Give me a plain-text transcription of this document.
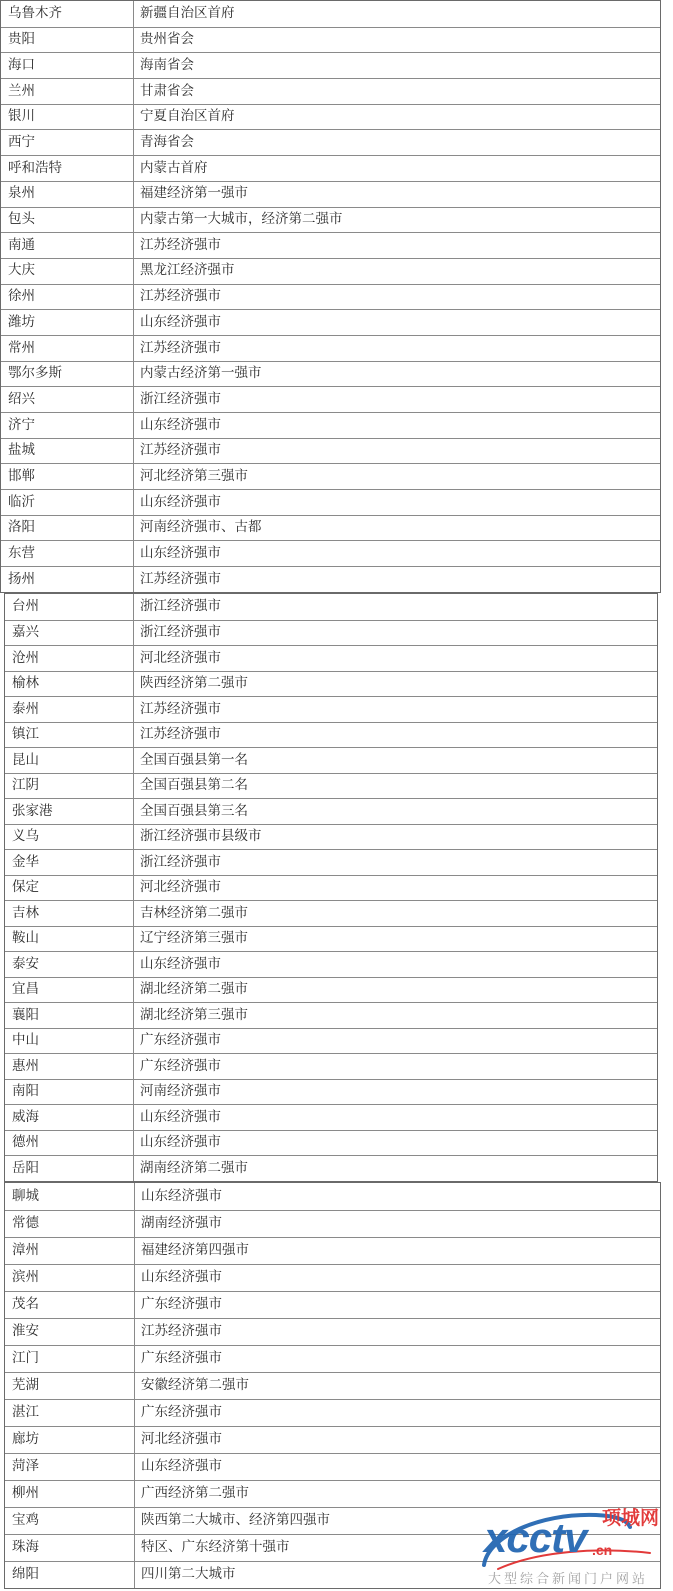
乌鲁木齐	新疆自治区首府
贵阳	贵州省会
海口	海南省会
兰州	甘肃省会
银川	宁夏自治区首府
西宁	青海省会
呼和浩特	内蒙古首府
泉州	福建经济第一强市
包头	内蒙古第一大城市，经济第二强市
南通	江苏经济强市
大庆	黑龙江经济强市
徐州	江苏经济强市
潍坊	山东经济强市
常州	江苏经济强市
鄂尔多斯	内蒙古经济第一强市
绍兴	浙江经济强市
济宁	山东经济强市
盐城	江苏经济强市
邯郸	河北经济第三强市
临沂	山东经济强市
洛阳	河南经济强市、古都
东营	山东经济强市
扬州	江苏经济强市
台州	浙江经济强市
嘉兴	浙江经济强市
沧州	河北经济强市
榆林	陕西经济第二强市
泰州	江苏经济强市
镇江	江苏经济强市
昆山	全国百强县第一名
江阴	全国百强县第二名
张家港	全国百强县第三名
义乌	浙江经济强市县级市
金华	浙江经济强市
保定	河北经济强市
吉林	吉林经济第二强市
鞍山	辽宁经济第三强市
泰安	山东经济强市
宜昌	湖北经济第二强市
襄阳	湖北经济第三强市
中山	广东经济强市
惠州	广东经济强市
南阳	河南经济强市
威海	山东经济强市
德州	山东经济强市
岳阳	湖南经济第二强市
聊城	山东经济强市
常德	湖南经济强市
漳州	福建经济第四强市
滨州	山东经济强市
茂名	广东经济强市
淮安	江苏经济强市
江门	广东经济强市
芜湖	安徽经济第二强市
湛江	广东经济强市
廊坊	河北经济强市
菏泽	山东经济强市
柳州	广西经济第二强市
宝鸡	陕西第二大城市、经济第四强市
珠海	特区、广东经济第十强市
绵阳	四川第二大城市
xcctv .cn
项城网
大型综合新闻门户网站
